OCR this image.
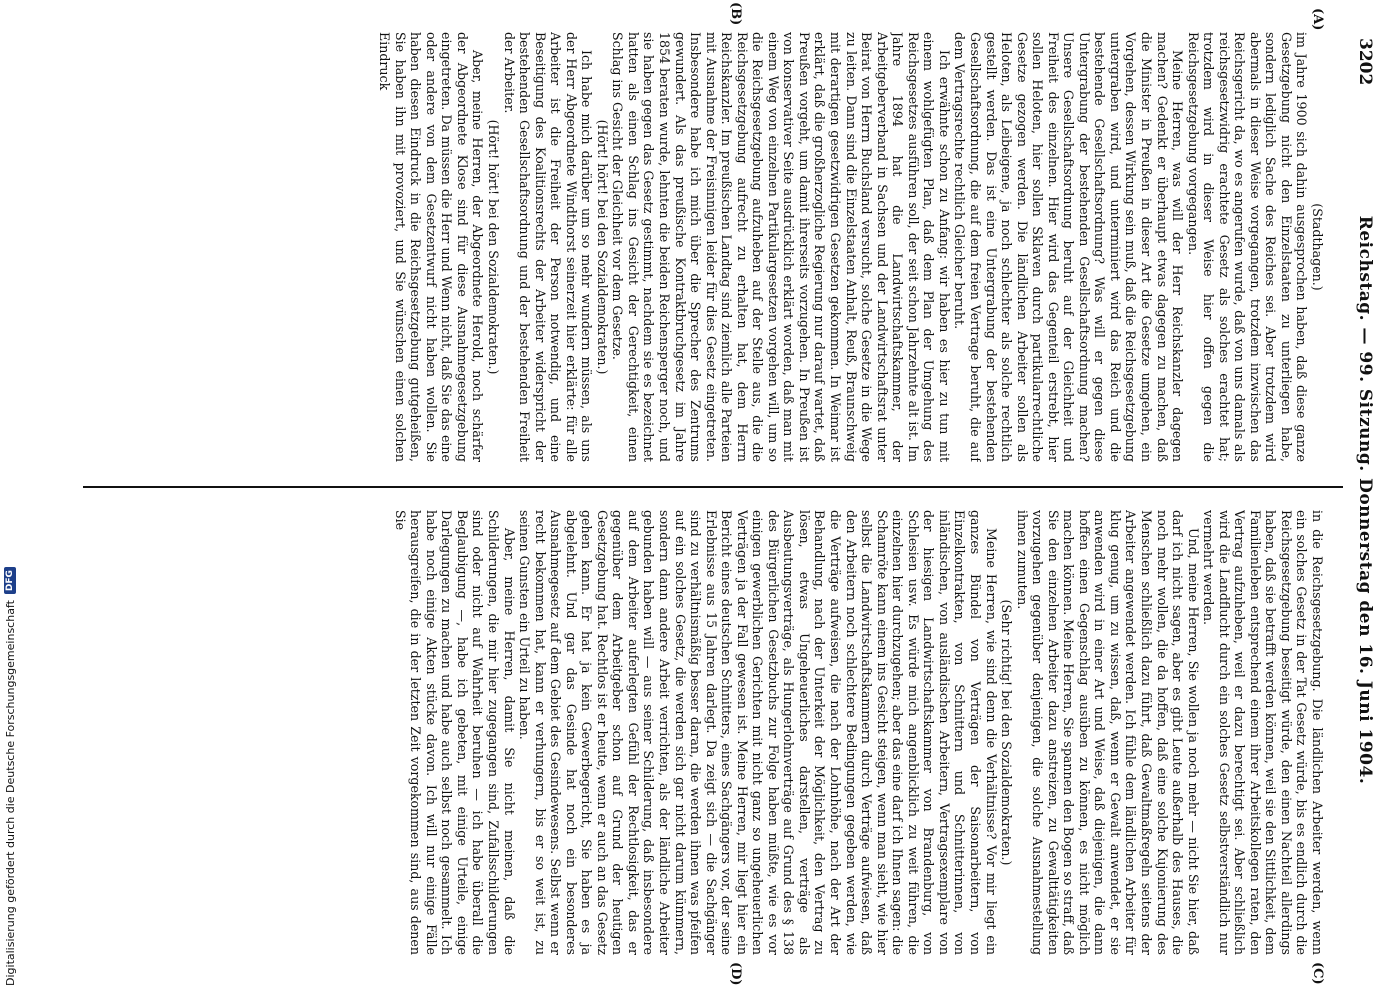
3202
Reichstag. — 99. Sitzung. Donnerstag den 16. Juni 1904.
(A)
(B)
(C)
(D)

(Stadthagen.)

im Jahre 1900 sich dahin ausgesprochen haben, daß diese ganze Gesetzgebung nicht den Einzelstaaten zu unterliegen habe, sondern lediglich Sache des Reiches sei. Aber trotzdem wird abermals in dieser Weise vorgegangen, trotzdem inzwischen das Reichsgericht da, wo es angerufen wurde, daß von uns damals als reichsgesetzwidrig erachtete Gesetz als solches erachtet hat; trotzdem wird in dieser Weise hier offen gegen die Reichsgesetzgebung vorgegangen.

Meine Herren, was will der Herr Reichskanzler dagegen machen? Gedenkt er überhaupt etwas dagegen zu machen, daß die Minister in Preußen in dieser Art die Gesetze umgehen, ein Vorgehen, dessen Wirkung sein muß, daß die Reichsgesetzgebung untergraben wird, und unterminiert wird das Reich und die bestehende Gesellschaftsordnung? Was will er gegen diese Untergrabung der bestehenden Gesellschaftsordnung machen? Unsere Gesellschaftsordnung beruht auf der Gleichheit und Freiheit des einzelnen. Hier wird das Gegenteil erstrebt, hier sollen Heloten, hier sollen Sklaven durch partikularrechtliche Gesetze gezogen werden. Die ländlichen Arbeiter sollen als Heloten, als Leibeigene, ja noch schlechter als solche rechtlich gestellt werden. Das ist eine Untergrabung der bestehenden Gesellschaftsordnung, die auf dem freien Vertrage beruht, die auf dem Vertragsrechte rechtlich Gleicher beruht.

Ich erwähnte schon zu Anfang: wir haben es hier zu tun mit einem wohlgefügten Plan, daß dem Plan der Umgehung des Reichsgesetzes ausführen soll, der seit schon Jahrzehnte alt ist. Im Jahre 1894 hat die Landwirtschaftskammer, der Arbeitgeberverband in Sachsen und der Landwirtschaftsrat unter Beirat von Herrn Buchsland versucht, solche Gesetze in die Wege zu leiten. Dann sind die Einzelstaaten Anhalt, Reuß, Braunschweig mit derartigen gesetzwidrigen Gesetzen gekommen. In Weimar ist erklärt, daß die großherzogliche Regierung nur darauf wartet, daß Preußen vorgeht, um damit ihrerseits vorzugehen. In Preußen ist von konservativer Seite ausdrücklich erklärt worden, daß man mit einem Weg von einzelnen Partikulargesetzen vorgehen will, um so die Reichsgesetzgebung aufzuheben auf der Stelle aus, die die Reichsgesetzgebung aufrecht zu erhalten hat, dem Herrn Reichskanzler. Im preußischen Landtag sind ziemlich alle Parteien mit Ausnahme der Freisinnigen leider für dies Gesetz eingetreten. Insbesondere habe ich mich über die Sprecher des Zentrums gewundert. Als das preußische Kontraktbruchgesetz im Jahre 1854 beraten wurde, lehnten die beiden Reichensperger noch, und sie haben gegen das Gesetz gestimmt, nachdem sie es bezeichnet hatten als einen Schlag ins Gesicht der Gerechtigkeit, einen Schlag ins Gesicht der Gleichheit vor dem Gesetze.

(Hört! hört! bei den Sozialdemokraten.)

Ich habe mich darüber um so mehr wundern müssen, als uns der Herr Abgeordnete Windthorst seinerzeit hier erklärte: für alle Arbeiter ist die Freiheit der Person notwendig, und eine Beseitigung des Koalitionsrechts der Arbeiter widerspricht der bestehenden Gesellschaftsordnung und der bestehenden Freiheit der Arbeiter.

(Hört! hört! bei den Sozialdemokraten.)

Aber, meine Herren, der Abgeordnete Herold, noch schärfer der Abgeordnete Klose sind für diese Ausnahmegesetzgebung eingetreten. Da müssen die Herr und Wenn nicht, daß Sie das eine oder andere von dem Gesetzentwurf nicht haben wollen. Sie haben diesen Eindruck in die Reichsgesetzgebung gutgeheißen, Sie haben ihn mit provoziert, und Sie wünschen einen solchen Eindruck

in die Reichsgesetzgebung. Die ländlichen Arbeiter werden, wenn ein solches Gesetz in der Tat Gesetz würde, bis es endlich durch die Reichsgesetzgebung beseitigt würde, den einen Nachteil allerdings haben, daß sie betrafft werden können, weil sie den Sittlichkeit, dem Familienleben entsprechend einem ihrer Arbeitskollegen raten, den Vertrag aufzuheben, weil er dazu berechtigt sei. Aber schließlich wird die Landflucht durch ein solches Gesetz selbstverständlich nur vermehrt werden.

Und, meine Herren, Sie wollen ja noch mehr — nicht Sie hier, daß darf ich nicht sagen, aber es gibt Leute außerhalb des Hauses, die noch mehr wollen, die da hoffen, daß eine solche Kujonierung des Menschen schließlich dazu führt, daß Gewaltmaßregeln seitens der Arbeiter angewendet werden. Ich fühle dem ländlichen Arbeiter für klug genug, um zu wissen, daß, wenn er Gewalt anwendet, er sie anwenden wird in einer Art und Weise, daß diejenigen, die dann hoffen einen Gegenschlag ausüben zu können, es nicht möglich machen können. Meine Herren, Sie spannen den Bogen so straff, daß Sie den einzelnen Arbeiter dazu anstreizen, zu Gewalttätigkeiten vorzugehen gegenüber denjenigen, die solche Ausnahmestellung ihnen zumuten.

(Sehr richtig! bei den Sozialdemokraten.)

Meine Herren, wie sind denn die Verhältnisse? Vor mir liegt ein ganzes Bündel von Verträgen der Saisonarbeitern, von Einzelkontrakten, von Schnittern und Schnitterinnen, von inländischen, von ausländischen Arbeitern, Vertragsexemplare von der hiesigen Landwirtschaftskammer von Brandenburg, von Schlesien usw. Es würde mich angenblicklich zu weit führen, die einzelnen hier durchzugehen; aber das eine darf ich Ihnen sagen: die Schamröte kann einem ins Gesicht steigen, wenn man sieht, wie hier selbst die Landwirtschaftskammern durch Verträge aufwiesen, daß den Arbeitern noch schlechtere Bedingungen gegeben werden, wie die Verträge aufweisen, die nach der Lohnhöhe, nach der Art der Behandlung, nach der Unterkeit der Möglichkeit, den Vertrag zu lösen, etwas Ungeheuerliches darstellen, verträge als Ausbeutungsverträge, als Hungerlohnverträge auf Grund des § 138 des Bürgerlichen Gesetzbuchs zur Folge haben müßte, wie es vor einigen gewerblichen Gerichten mit nicht ganz so ungeheuerlichen Verträgen ja der Fall gewesen ist. Meine Herren, mir liegt hier ein Bericht eines deutschen Schnitters, eines Sachgängers vor, der seine Erlebnisse aus 15 Jahren darlegt. Da zeigt sich — die Sachgänger sind zu verhältnismäßig besser daran, die werden ihnen was pfeifen auf ein solches Gesetz, die werden sich gar nicht darum kümmern, sondern dann andere Arbeit verrichten, als der ländliche Arbeiter gebunden haben will — aus seiner Schilderung, daß insbesondere auf dem Arbeiter auferlegten Gefühl der Rechtlosigkeit, das er gegenüber dem Arbeitgeber schon auf Grund der heutigen Gesetzgebung hat. Rechtlos ist er heute, wenn er auch an das Gesetz gehen kann. Er hat ja kein Gewerbegericht, Sie haben es ja abgelehnt. Und gar das Gesinde hat noch ein besonderes Ausnahmegesetz auf dem Gebiet des Gesindewesens. Selbst wenn er recht bekommen hat, kann er verhungern, bis er so weit ist, zu seinen Gunsten ein Urteil zu haben.

Aber, meine Herren, damit Sie nicht meinen, daß die Schilderungen, die mir hier zugegangen sind, Zufallsschilderungen sind oder nicht auf Wahrheit beruhen — ich habe überall die Beglaubigung —, habe ich gebeten, mit einige Urteile, einige Darlegungen zu machen und habe auch selbst noch gesammelt. Ich habe noch einige Akten stücke davon. Ich will nur einige Fälle herausgreifen, die in der letzten Zeit vorgekommen sind, aus denen Sie

Digitalisierung gefördert durch die Deutsche Forschungsgemeinschaft
DFG
